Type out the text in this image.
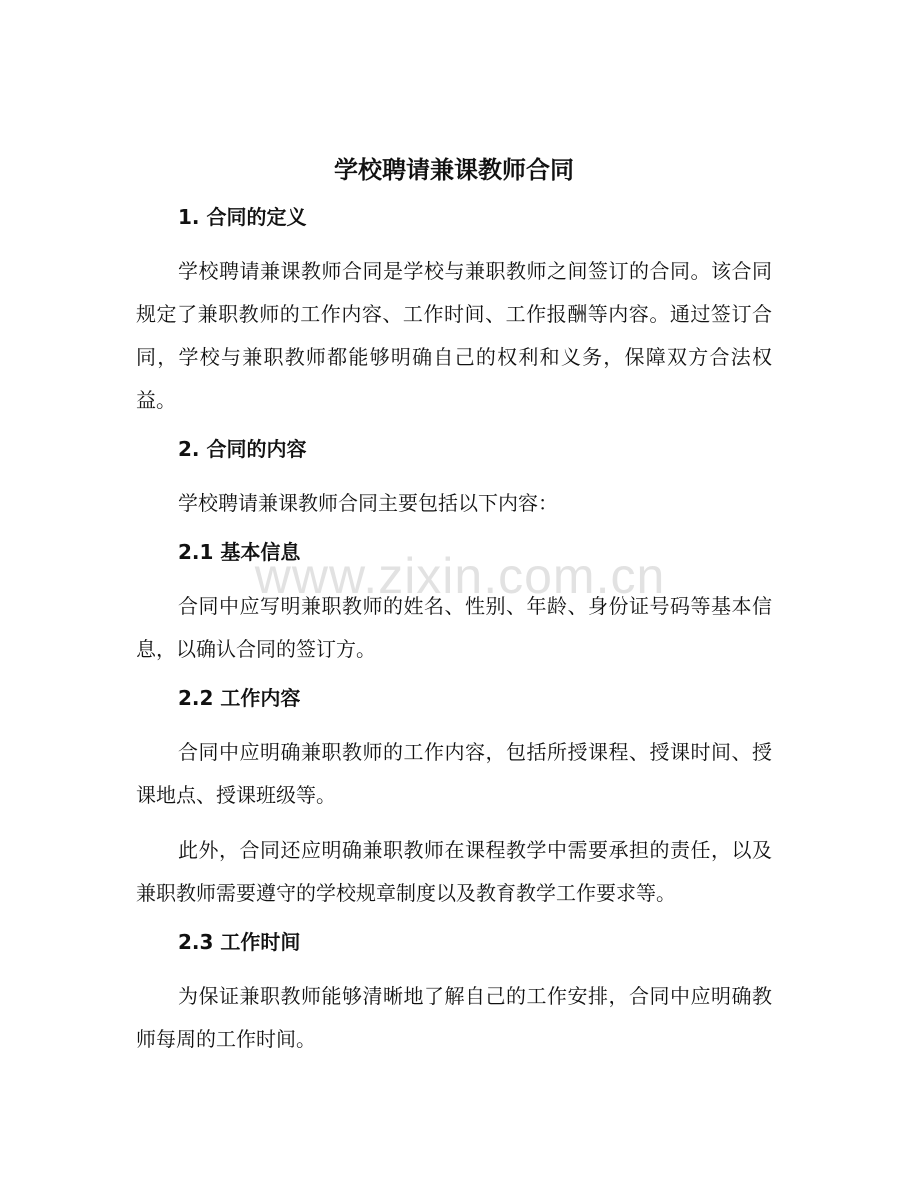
学校聘请兼课教师合同
1. 合同的定义

学校聘请兼课教师合同是学校与兼职教师之间签订的合同。该合同规定了兼职教师的工作内容、工作时间、工作报酬等内容。通过签订合同，学校与兼职教师都能够明确自己的权利和义务，保障双方合法权益。

2. 合同的内容

学校聘请兼课教师合同主要包括以下内容：

2.1 基本信息

合同中应写明兼职教师的姓名、性别、年龄、身份证号码等基本信息，以确认合同的签订方。

2.2 工作内容

合同中应明确兼职教师的工作内容，包括所授课程、授课时间、授课地点、授课班级等。

此外，合同还应明确兼职教师在课程教学中需要承担的责任，以及兼职教师需要遵守的学校规章制度以及教育教学工作要求等。

2.3 工作时间

为保证兼职教师能够清晰地了解自己的工作安排，合同中应明确教师每周的工作时间。

www.zixin.com.cn
